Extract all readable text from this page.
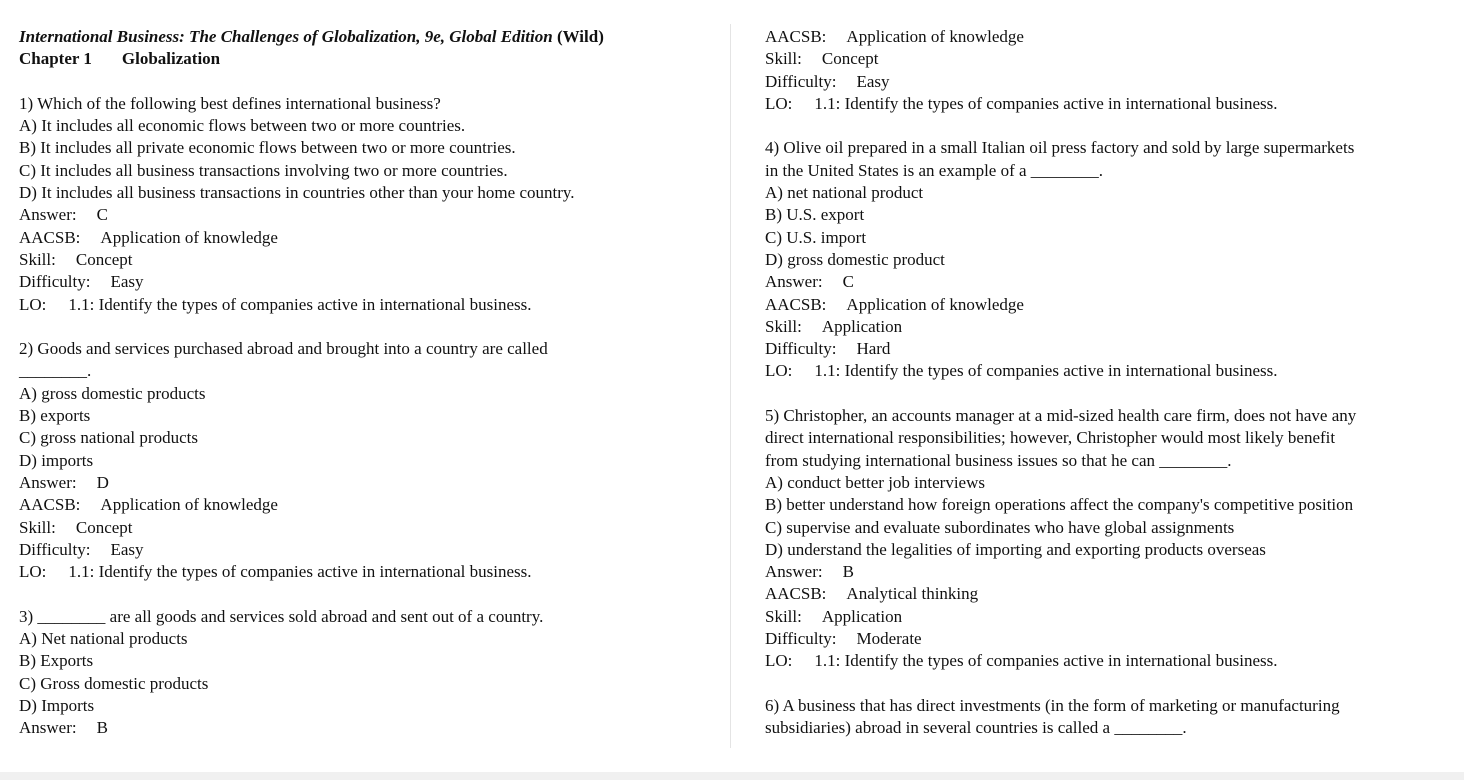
International Business: The Challenges of Globalization, 9e, Global Edition (Wild)
Chapter 1 Globalization
1) Which of the following best defines international business?
A) It includes all economic flows between two or more countries.
B) It includes all private economic flows between two or more countries.
C) It includes all business transactions involving two or more countries.
D) It includes all business transactions in countries other than your home country.
Answer: C
AACSB: Application of knowledge
Skill: Concept
Difficulty: Easy
LO: 1.1: Identify the types of companies active in international business.
2) Goods and services purchased abroad and brought into a country are called
________.
A) gross domestic products
B) exports
C) gross national products
D) imports
Answer: D
AACSB: Application of knowledge
Skill: Concept
Difficulty: Easy
LO: 1.1: Identify the types of companies active in international business.
3) ________ are all goods and services sold abroad and sent out of a country.
A) Net national products
B) Exports
C) Gross domestic products
D) Imports
Answer: B
AACSB: Application of knowledge
Skill: Concept
Difficulty: Easy
LO: 1.1: Identify the types of companies active in international business.
4) Olive oil prepared in a small Italian oil press factory and sold by large supermarkets
in the United States is an example of a ________.
A) net national product
B) U.S. export
C) U.S. import
D) gross domestic product
Answer: C
AACSB: Application of knowledge
Skill: Application
Difficulty: Hard
LO: 1.1: Identify the types of companies active in international business.
5) Christopher, an accounts manager at a mid-sized health care firm, does not have any
direct international responsibilities; however, Christopher would most likely benefit
from studying international business issues so that he can ________.
A) conduct better job interviews
B) better understand how foreign operations affect the company's competitive position
C) supervise and evaluate subordinates who have global assignments
D) understand the legalities of importing and exporting products overseas
Answer: B
AACSB: Analytical thinking
Skill: Application
Difficulty: Moderate
LO: 1.1: Identify the types of companies active in international business.
6) A business that has direct investments (in the form of marketing or manufacturing
subsidiaries) abroad in several countries is called a ________.
